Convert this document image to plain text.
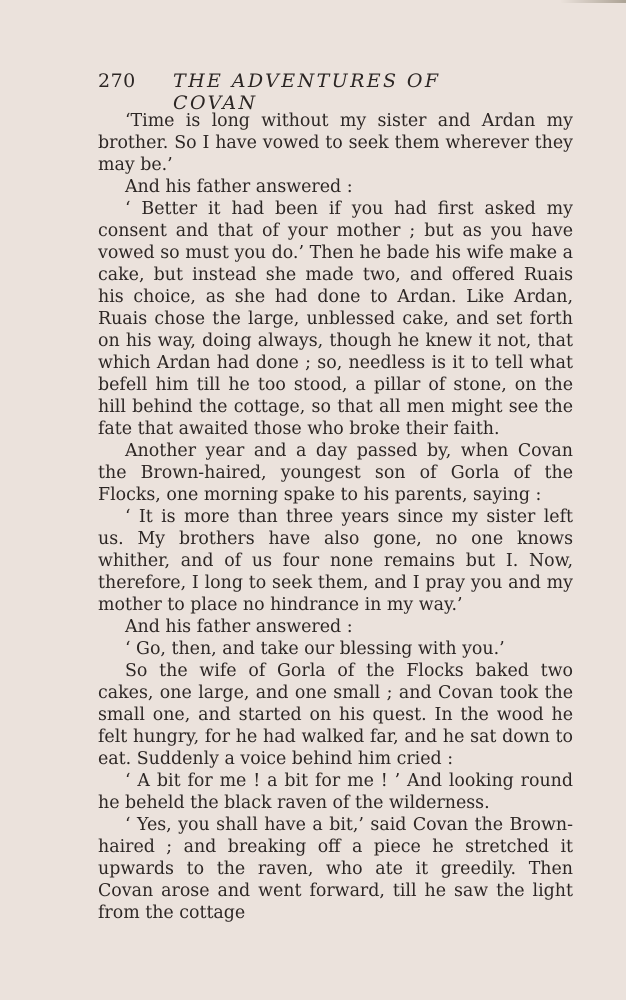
270 THE ADVENTURES OF COVAN

‘Time is long without my sister and Ardan my brother. So I have vowed to seek them wherever they may be.’

And his father answered :

‘ Better it had been if you had first asked my consent and that of your mother ; but as you have vowed so must you do.’ Then he bade his wife make a cake, but instead she made two, and offered Ruais his choice, as she had done to Ardan. Like Ardan, Ruais chose the large, unblessed cake, and set forth on his way, doing always, though he knew it not, that which Ardan had done ; so, needless is it to tell what befell him till he too stood, a pillar of stone, on the hill behind the cottage, so that all men might see the fate that awaited those who broke their faith.

Another year and a day passed by, when Covan the Brown-haired, youngest son of Gorla of the Flocks, one morning spake to his parents, saying :

‘ It is more than three years since my sister left us. My brothers have also gone, no one knows whither, and of us four none remains but I. Now, therefore, I long to seek them, and I pray you and my mother to place no hindrance in my way.’

And his father answered :

‘ Go, then, and take our blessing with you.’

So the wife of Gorla of the Flocks baked two cakes, one large, and one small ; and Covan took the small one, and started on his quest. In the wood he felt hungry, for he had walked far, and he sat down to eat. Suddenly a voice behind him cried :

‘ A bit for me ! a bit for me ! ’ And looking round he beheld the black raven of the wilderness.

‘ Yes, you shall have a bit,’ said Covan the Brown-haired ; and breaking off a piece he stretched it upwards to the raven, who ate it greedily. Then Covan arose and went forward, till he saw the light from the cottage
